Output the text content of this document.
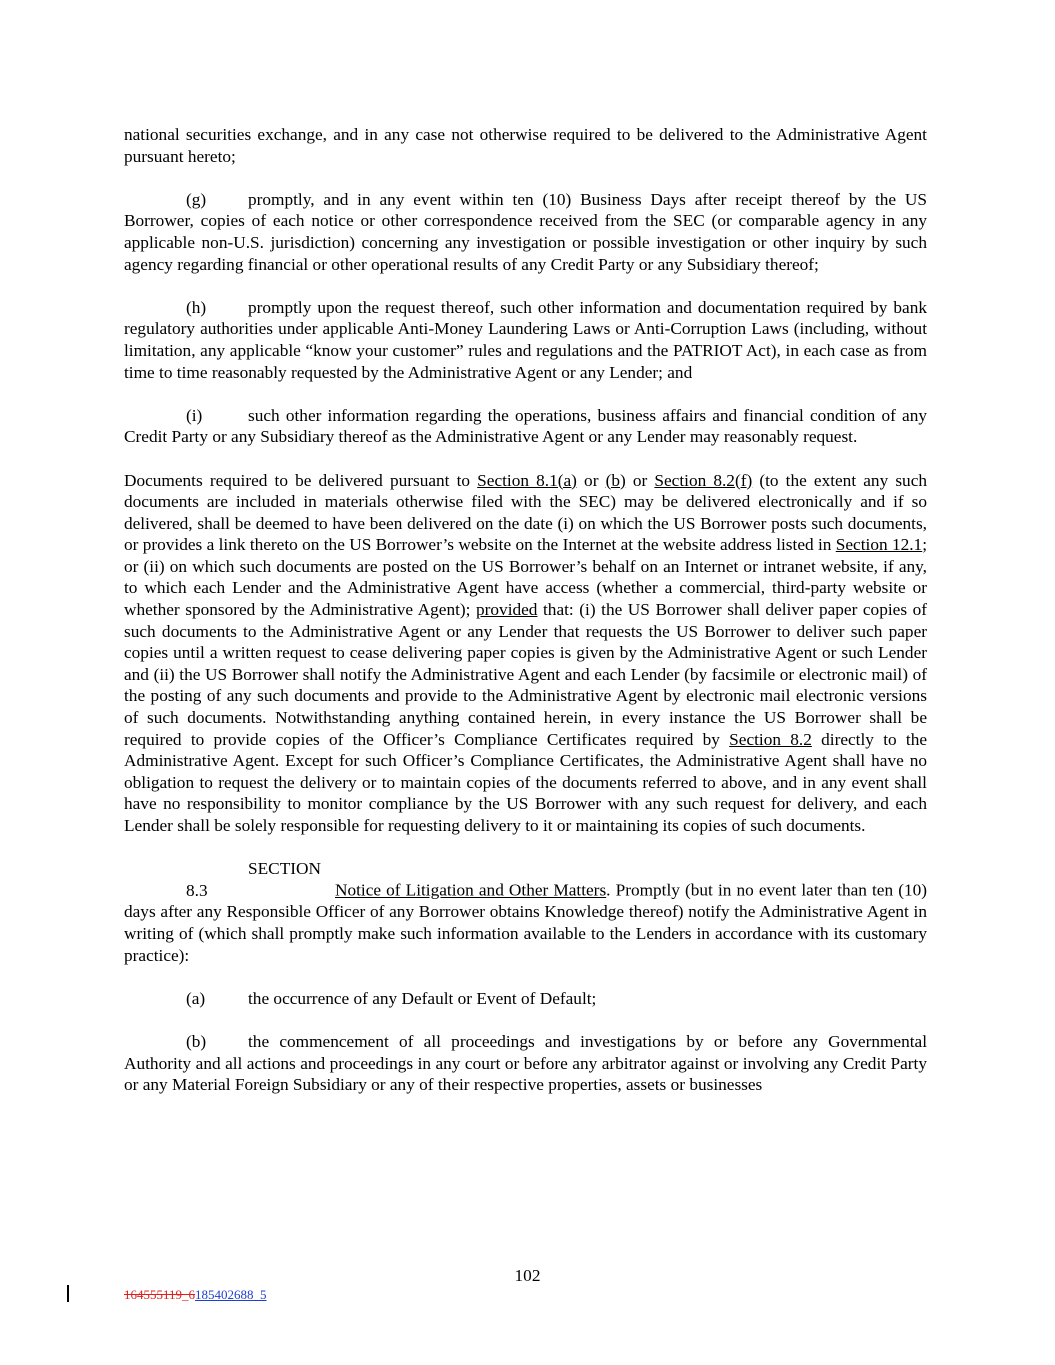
national securities exchange, and in any case not otherwise required to be delivered to the Administrative Agent pursuant hereto;

(g) promptly, and in any event within ten (10) Business Days after receipt thereof by the US Borrower, copies of each notice or other correspondence received from the SEC (or comparable agency in any applicable non-U.S. jurisdiction) concerning any investigation or possible investigation or other inquiry by such agency regarding financial or other operational results of any Credit Party or any Subsidiary thereof;

(h) promptly upon the request thereof, such other information and documentation required by bank regulatory authorities under applicable Anti-Money Laundering Laws or Anti-Corruption Laws (including, without limitation, any applicable “know your customer” rules and regulations and the PATRIOT Act), in each case as from time to time reasonably requested by the Administrative Agent or any Lender; and

(i)	such other information regarding the operations, business affairs and financial condition of any Credit Party or any Subsidiary thereof as the Administrative Agent or any Lender may reasonably request.

Documents required to be delivered pursuant to Section 8.1(a) or (b) or Section 8.2(f) (to the extent any such documents are included in materials otherwise filed with the SEC) may be delivered electronically and if so delivered, shall be deemed to have been delivered on the date (i) on which the US Borrower posts such documents, or provides a link thereto on the US Borrower’s website on the Internet at the website address listed in Section 12.1; or (ii) on which such documents are posted on the US Borrower’s behalf on an Internet or intranet website, if any, to which each Lender and the Administrative Agent have access (whether a commercial, third-party website or whether sponsored by the Administrative Agent); provided that: (i) the US Borrower shall deliver paper copies of such documents to the Administrative Agent or any Lender that requests the US Borrower to deliver such paper copies until a written request to cease delivering paper copies is given by the Administrative Agent or such Lender and (ii) the US Borrower shall notify the Administrative Agent and each Lender (by facsimile or electronic mail) of the posting of any such documents and provide to the Administrative Agent by electronic mail electronic versions of such documents. Notwithstanding anything contained herein, in every instance the US Borrower shall be required to provide copies of the Officer’s Compliance Certificates required by Section 8.2 directly to the Administrative Agent. Except for such Officer’s Compliance Certificates, the Administrative Agent shall have no obligation to request the delivery or to maintain copies of the documents referred to above, and in any event shall have no responsibility to monitor compliance by the US Borrower with any such request for delivery, and each Lender shall be solely responsible for requesting delivery to it or maintaining its copies of such documents.

SECTION 8.3	Notice of Litigation and Other Matters. Promptly (but in no event later than ten (10) days after any Responsible Officer of any Borrower obtains Knowledge thereof) notify the Administrative Agent in writing of (which shall promptly make such information available to the Lenders in accordance with its customary practice):

(a) the occurrence of any Default or Event of Default;

(b) the commencement of all proceedings and investigations by or before any Governmental Authority and all actions and proceedings in any court or before any arbitrator against or involving any Credit Party or any Material Foreign Subsidiary or any of their respective properties, assets or businesses

102
164555119_6185402688_5
